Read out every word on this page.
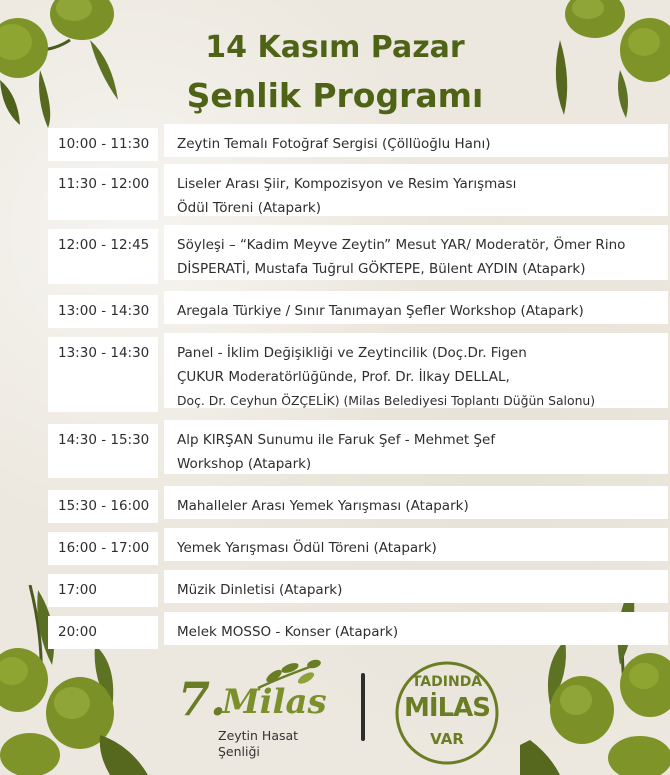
14 Kasım Pazar
Şenlik Programı
10:00 - 11:30	Zeytin Temalı Fotoğraf Sergisi (Çöllüoğlu Hanı)
11:30 - 12:00	Liseler Arası Şiir, Kompozisyon ve Resim Yarışması
Ödül Töreni (Atapark)
12:00 - 12:45	Söyleşi – “Kadim Meyve Zeytin” Mesut YAR/ Moderatör, Ömer Rino
DİSPERATİ, Mustafa Tuğrul GÖKTEPE, Bülent AYDIN (Atapark)
13:00 - 14:30	Aregala Türkiye / Sınır Tanımayan Şefler Workshop (Atapark)
13:30 - 14:30	Panel - İklim Değişikliği ve Zeytincilik (Doç.Dr. Figen
ÇUKUR Moderatörlüğünde, Prof. Dr. İlkay DELLAL,
Doç. Dr. Ceyhun ÖZÇELİK) (Milas Belediyesi Toplantı Düğün Salonu)
14:30 - 15:30	Alp KIRŞAN Sunumu ile Faruk Şef - Mehmet Şef
Workshop (Atapark)
15:30 - 16:00	Mahalleler Arası Yemek Yarışması (Atapark)
16:00 - 17:00	Yemek Yarışması Ödül Töreni (Atapark)
17:00	Müzik Dinletisi (Atapark)
20:00	Melek MOSSO - Konser (Atapark)
7.
Milas
Zeytin Hasat
Şenliği
TADINDA
MİLAS
VAR
